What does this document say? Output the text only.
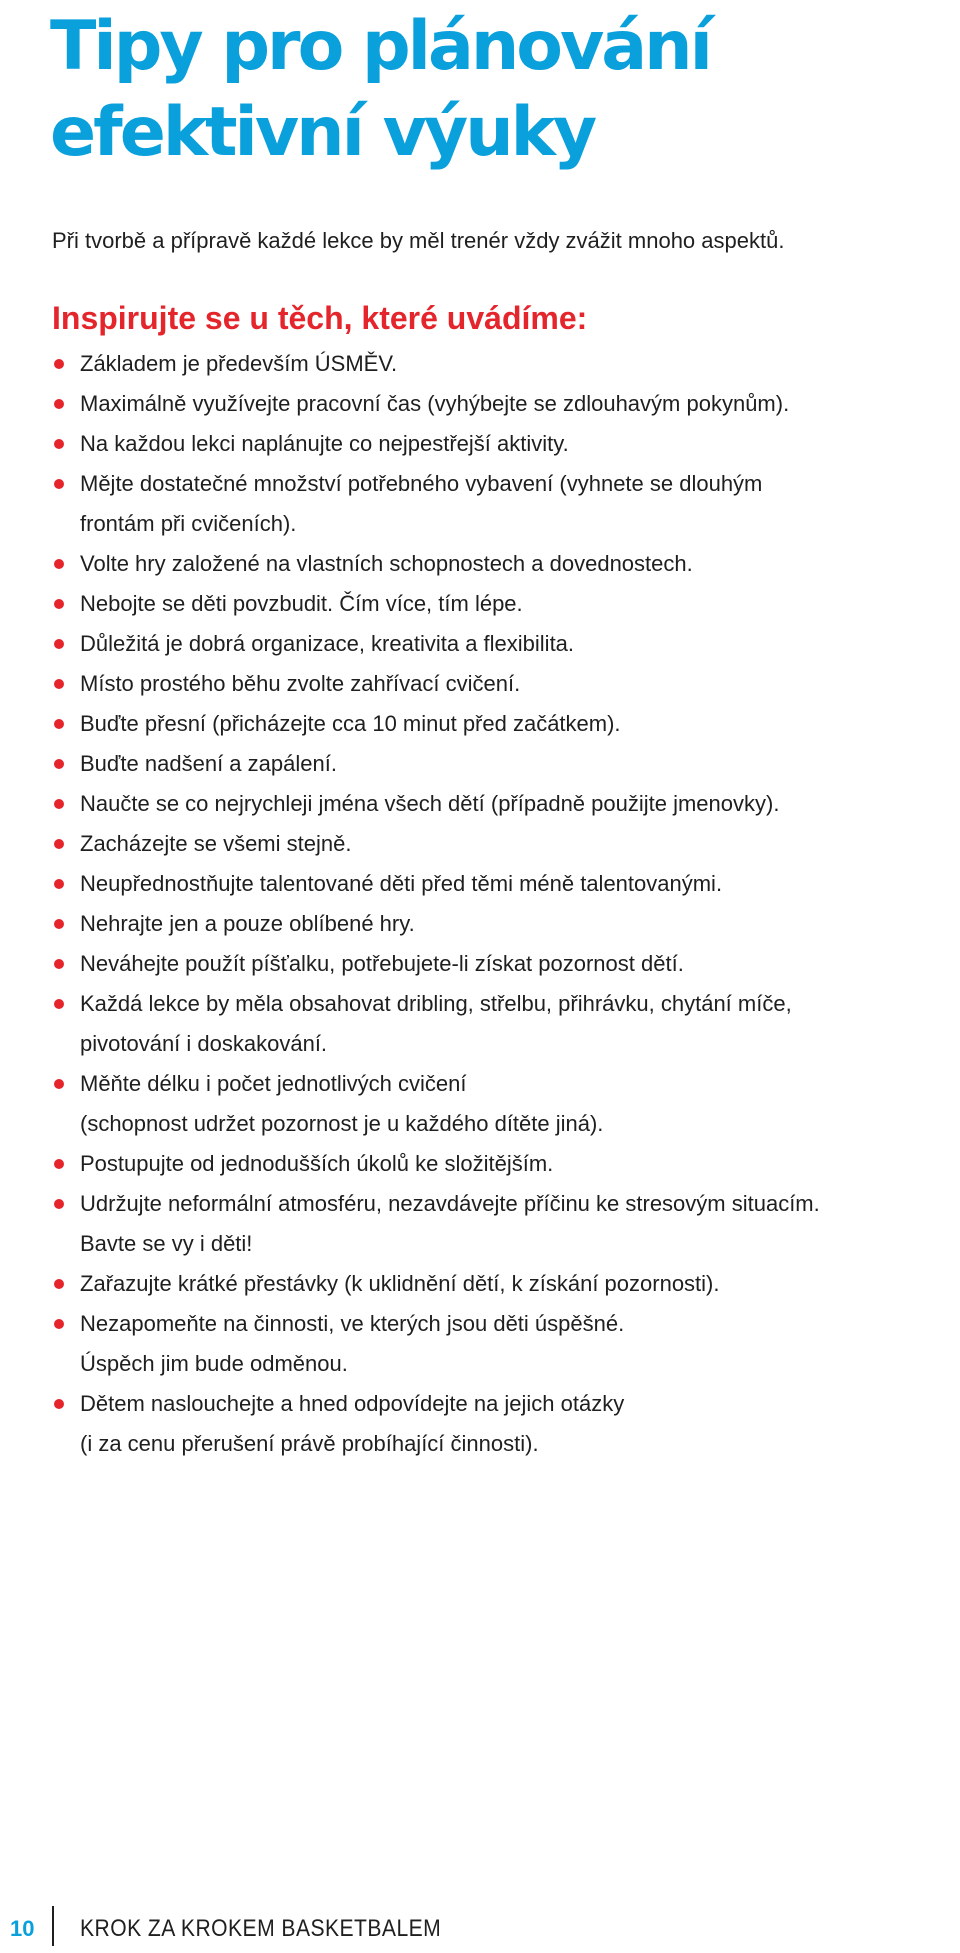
Tipy pro plánování
efektivní výuky

Při tvorbě a přípravě každé lekce by měl trenér vždy zvážit mnoho aspektů.

Inspirujte se u těch, které uvádíme:
Základem je především ÚSMĚV.
Maximálně využívejte pracovní čas (vyhýbejte se zdlouhavým pokynům).
Na každou lekci naplánujte co nejpestřejší aktivity.
Mějte dostatečné množství potřebného vybavení (vyhnete se dlouhým
frontám při cvičeních).
Volte hry založené na vlastních schopnostech a dovednostech.
Nebojte se děti povzbudit. Čím více, tím lépe.
Důležitá je dobrá organizace, kreativita a flexibilita.
Místo prostého běhu zvolte zahřívací cvičení.
Buďte přesní (přicházejte cca 10 minut před začátkem).
Buďte nadšení a zapálení.
Naučte se co nejrychleji jména všech dětí (případně použijte jmenovky).
Zacházejte se všemi stejně.
Neupřednostňujte talentované děti před těmi méně talentovanými.
Nehrajte jen a pouze oblíbené hry.
Neváhejte použít píšťalku, potřebujete-li získat pozornost dětí.
Každá lekce by měla obsahovat dribling, střelbu, přihrávku, chytání míče,
pivotování i doskakování.
Měňte délku i počet jednotlivých cvičení
(schopnost udržet pozornost je u každého dítěte jiná).
Postupujte od jednodušších úkolů ke složitějším.
Udržujte neformální atmosféru, nezavdávejte příčinu ke stresovým situacím.
Bavte se vy i děti!
Zařazujte krátké přestávky (k uklidnění dětí, k získání pozornosti).
Nezapomeňte na činnosti, ve kterých jsou děti úspěšné.
Úspěch jim bude odměnou.
Dětem naslouchejte a hned odpovídejte na jejich otázky
(i za cenu přerušení právě probíhající činnosti).
10 KROK ZA KROKEM BASKETBALEM
